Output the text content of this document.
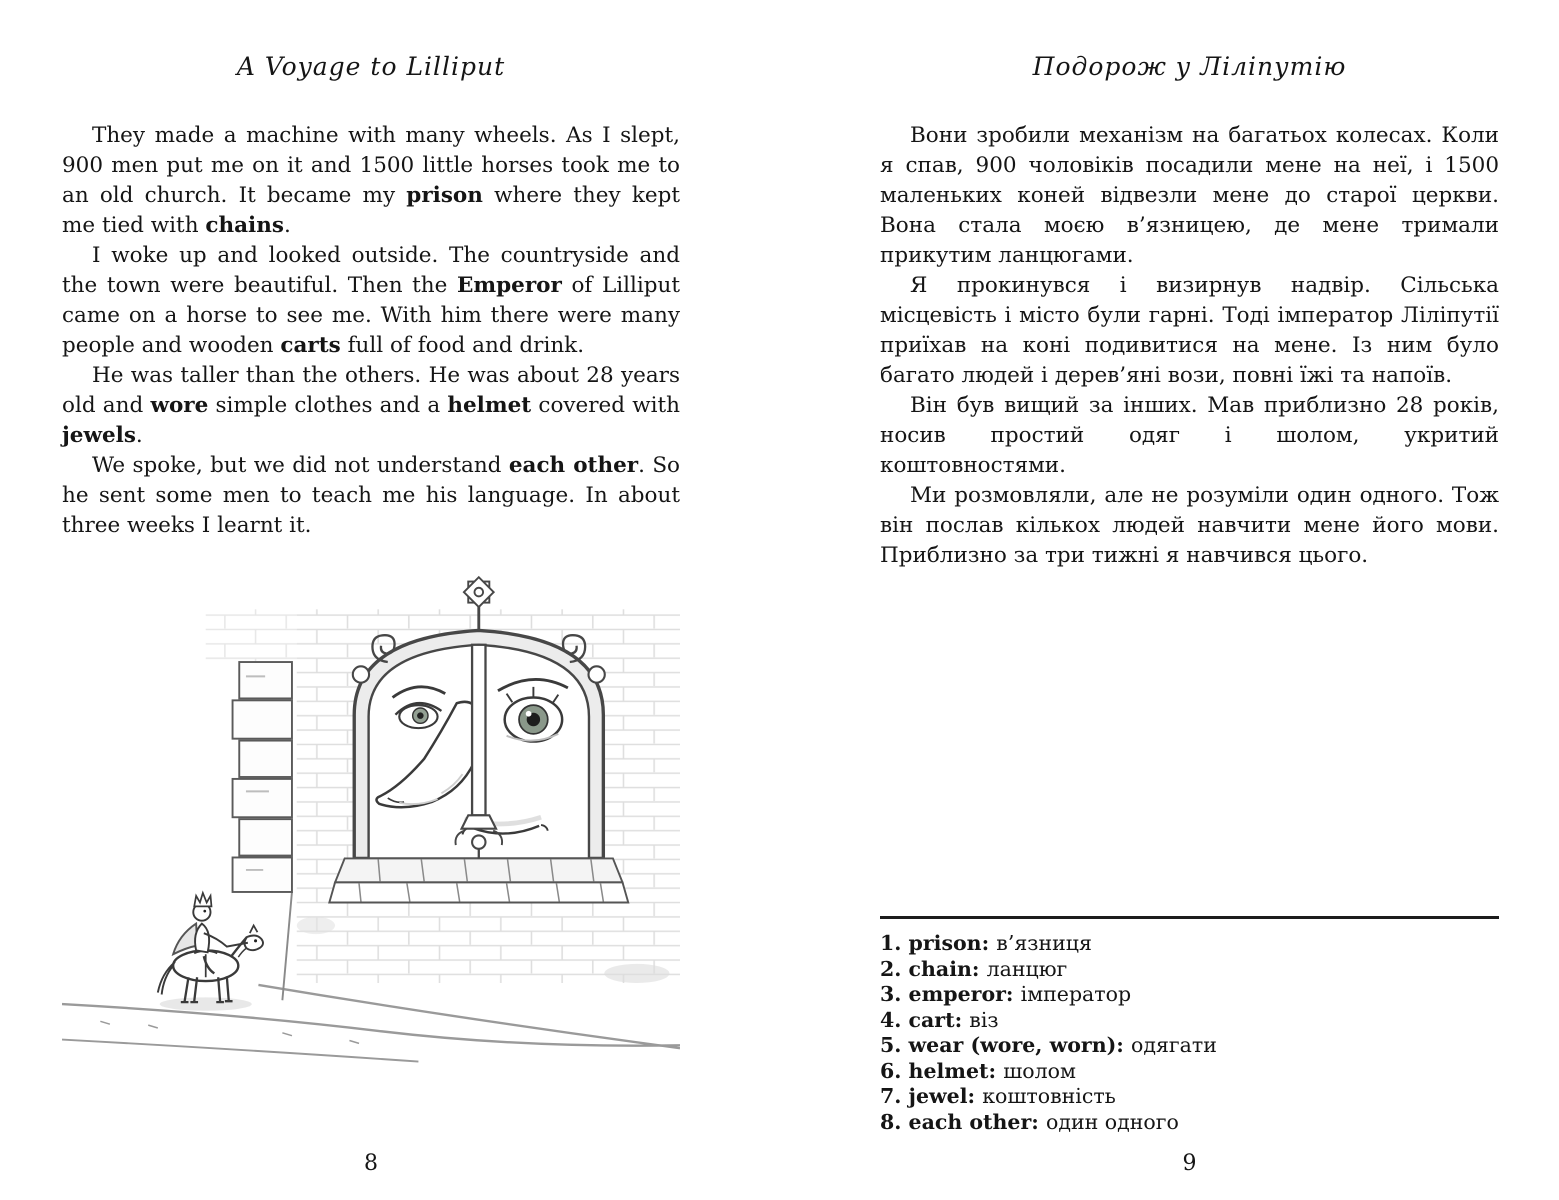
A Voyage to Lilliput

They made a machine with many wheels. As I slept, 900 men put me on it and 1500 little horses took me to an old church. It became my prison where they kept me tied with chains.

I woke up and looked outside. The countryside and the town were beautiful. Then the Emperor of Lilliput came on a horse to see me. With him there were many people and wooden carts full of food and drink.

He was taller than the others. He was about 28 years old and wore simple clothes and a helmet covered with jewels.

We spoke, but we did not understand each other. So he sent some men to teach me his language. In about three weeks I learnt it.

8
Подорож у Ліліпутію

Вони зробили механізм на багатьох колесах. Коли я спав, 900 чоловіків посадили мене на неї, і 1500 маленьких коней відвезли мене до старої церкви. Вона стала моєю в’язницею, де мене тримали прикутим ланцюгами.

Я прокинувся і визирнув надвір. Сільська місцевість і місто були гарні. Тоді імператор Ліліпутії приїхав на коні подивитися на мене. Із ним було багато людей і дерев’яні вози, повні їжі та напоїв.

Він був вищий за інших. Мав приблизно 28 років, носив простий одяг і шолом, укритий коштовностями.

Ми розмовляли, але не розуміли один одного. Тож він послав кількох людей навчити мене його мови. Приблизно за три тижні я навчився цього.

1. prison: в’язниця
2. chain: ланцюг
3. emperor: імператор
4. cart: віз
5. wear (wore, worn): одягати
6. helmet: шолом
7. jewel: коштовність
8. each other: один одного
9
